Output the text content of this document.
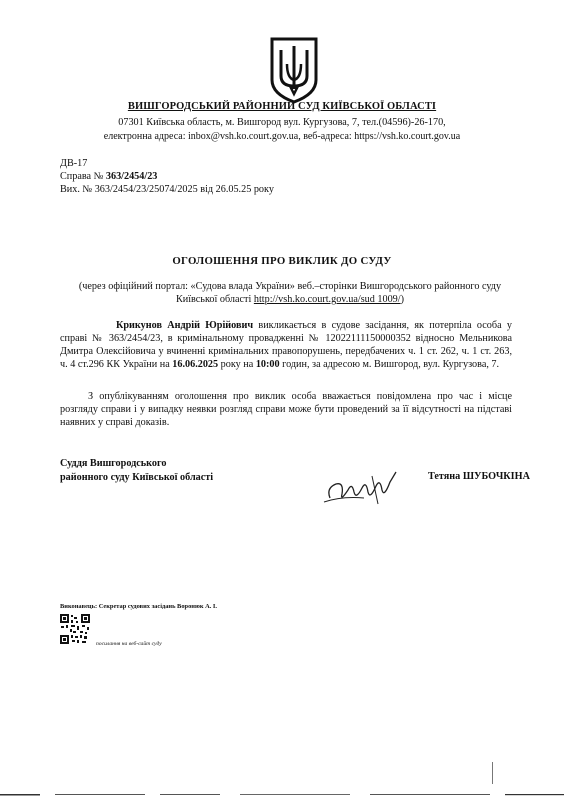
ВИШГОРОДСЬКИЙ РАЙОННИЙ СУД КИЇВСЬКОЇ ОБЛАСТІ
07301 Київська область, м. Вишгород вул. Кургузова, 7, тел.(04596)-26-170,
електронна адреса: inbox@vsh.ko.court.gov.ua, веб-адреса: https://vsh.ko.court.gov.ua
ДВ-17
Справа № 363/2454/23
Вих. № 363/2454/23/25074/2025 від 26.05.25 року
ОГОЛОШЕННЯ ПРО ВИКЛИК ДО СУДУ
(через офіційний портал: «Судова влада України» веб.–сторінки Вишгородського районного суду Київської області http://vsh.ko.court.gov.ua/sud 1009/)
Крикунов Андрій Юрійович викликається в судове засідання, як потерпіла особа у справі № 363/2454/23, в кримінальному провадженні № 12022111150000352 відносно Мельникова Дмитра Олексійовича у вчиненні кримінальних правопорушень, передбачених ч. 1 ст. 262, ч. 1 ст. 263, ч. 4 ст.296 КК України на 16.06.2025 року на 10:00 годин, за адресою м. Вишгород, вул. Кургузова, 7.
З опублікуванням оголошення про виклик особа вважається повідомлена про час і місце розгляду справи і у випадку неявки розгляд справи може бути проведений за її відсутності на підставі наявних у справі доказів.
Суддя Вишгородського
районного суду Київської області	Тетяна ШУБОЧКІНА
Виконавець: Секретар судових засідань Воронюк А. І.
посилання на веб-сайт суду
